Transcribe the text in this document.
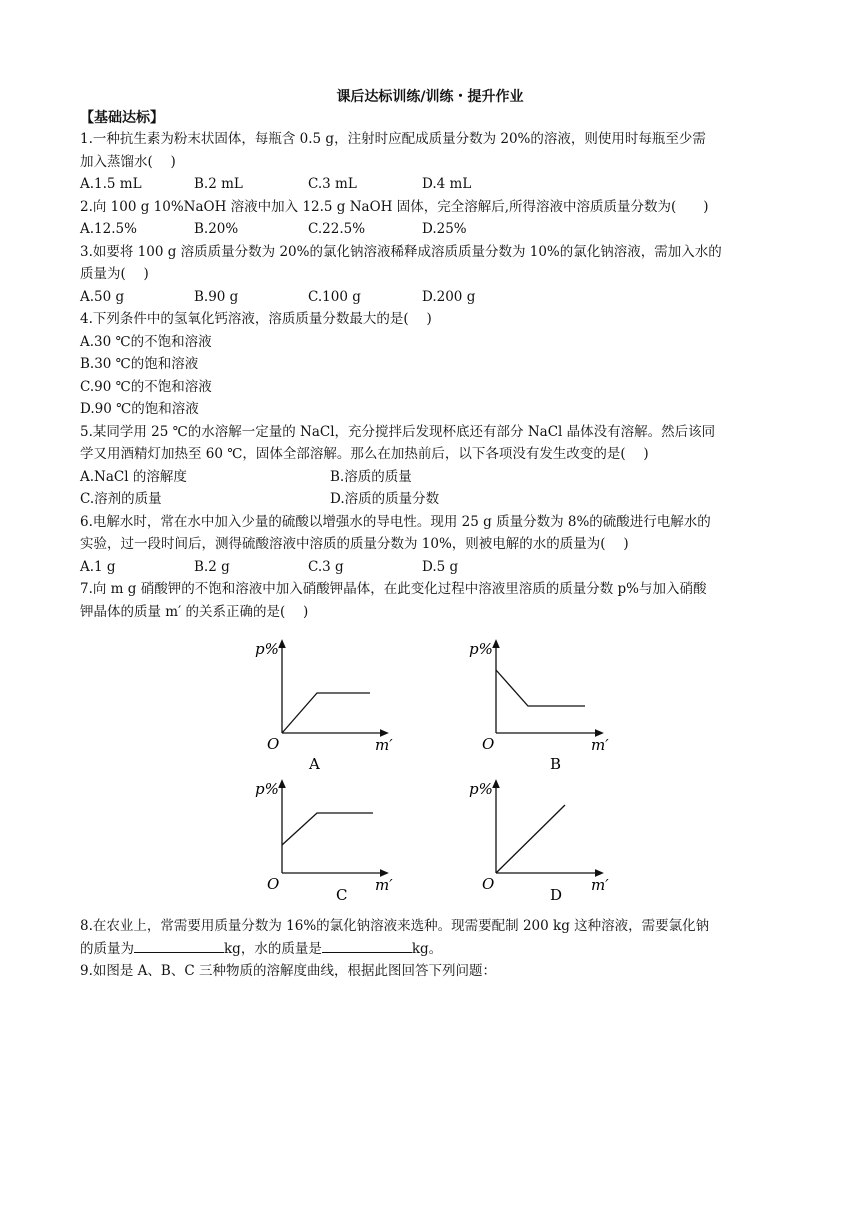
课后达标训练/训练・提升作业
【基础达标】

1.一种抗生素为粉末状固体，每瓶含 0.5 g，注射时应配成质量分数为 20%的溶液，则使用时每瓶至少需

加入蒸馏水(　 )

A.1.5 mL	B.2 mL	C.3 mL	D.4 mL

2.向 100 g 10%NaOH 溶液中加入 12.5 g NaOH 固体，完全溶解后,所得溶液中溶质质量分数为(　　)

A.12.5%	B.20%	C.22.5%	D.25%

3.如要将 100 g 溶质质量分数为 20%的氯化钠溶液稀释成溶质质量分数为 10%的氯化钠溶液，需加入水的

质量为(　 )

A.50 g	B.90 g	C.100 g	D.200 g

4.下列条件中的氢氧化钙溶液，溶质质量分数最大的是(　 )

A.30 ℃的不饱和溶液

B.30 ℃的饱和溶液

C.90 ℃的不饱和溶液

D.90 ℃的饱和溶液

5.某同学用 25 ℃的水溶解一定量的 NaCl，充分搅拌后发现杯底还有部分 NaCl 晶体没有溶解。然后该同

学又用酒精灯加热至 60 ℃，固体全部溶解。那么在加热前后，以下各项没有发生改变的是(　 )

A.NaCl 的溶解度	B.溶质的质量
C.溶剂的质量	D.溶质的质量分数

6.电解水时，常在水中加入少量的硫酸以增强水的导电性。现用 25 g 质量分数为 8%的硫酸进行电解水的

实验，过一段时间后，测得硫酸溶液中溶质的质量分数为 10%，则被电解的水的质量为(　 )

A.1 g	B.2 g	C.3 g	D.5 g

7.向 m g 硝酸钾的不饱和溶液中加入硝酸钾晶体，在此变化过程中溶液里溶质的质量分数 p%与加入硝酸

钾晶体的质量 m′ 的关系正确的是(　 )

p%
m′
O
A
p%
m′
O
B
p%
m′
O
C
p%
m′
O
D

8.在农业上，常需要用质量分数为 16%的氯化钠溶液来选种。现需要配制 200 kg 这种溶液，需要氯化钠

的质量为	kg，水的质量是	kg。

9.如图是 A、B、C 三种物质的溶解度曲线，根据此图回答下列问题：
